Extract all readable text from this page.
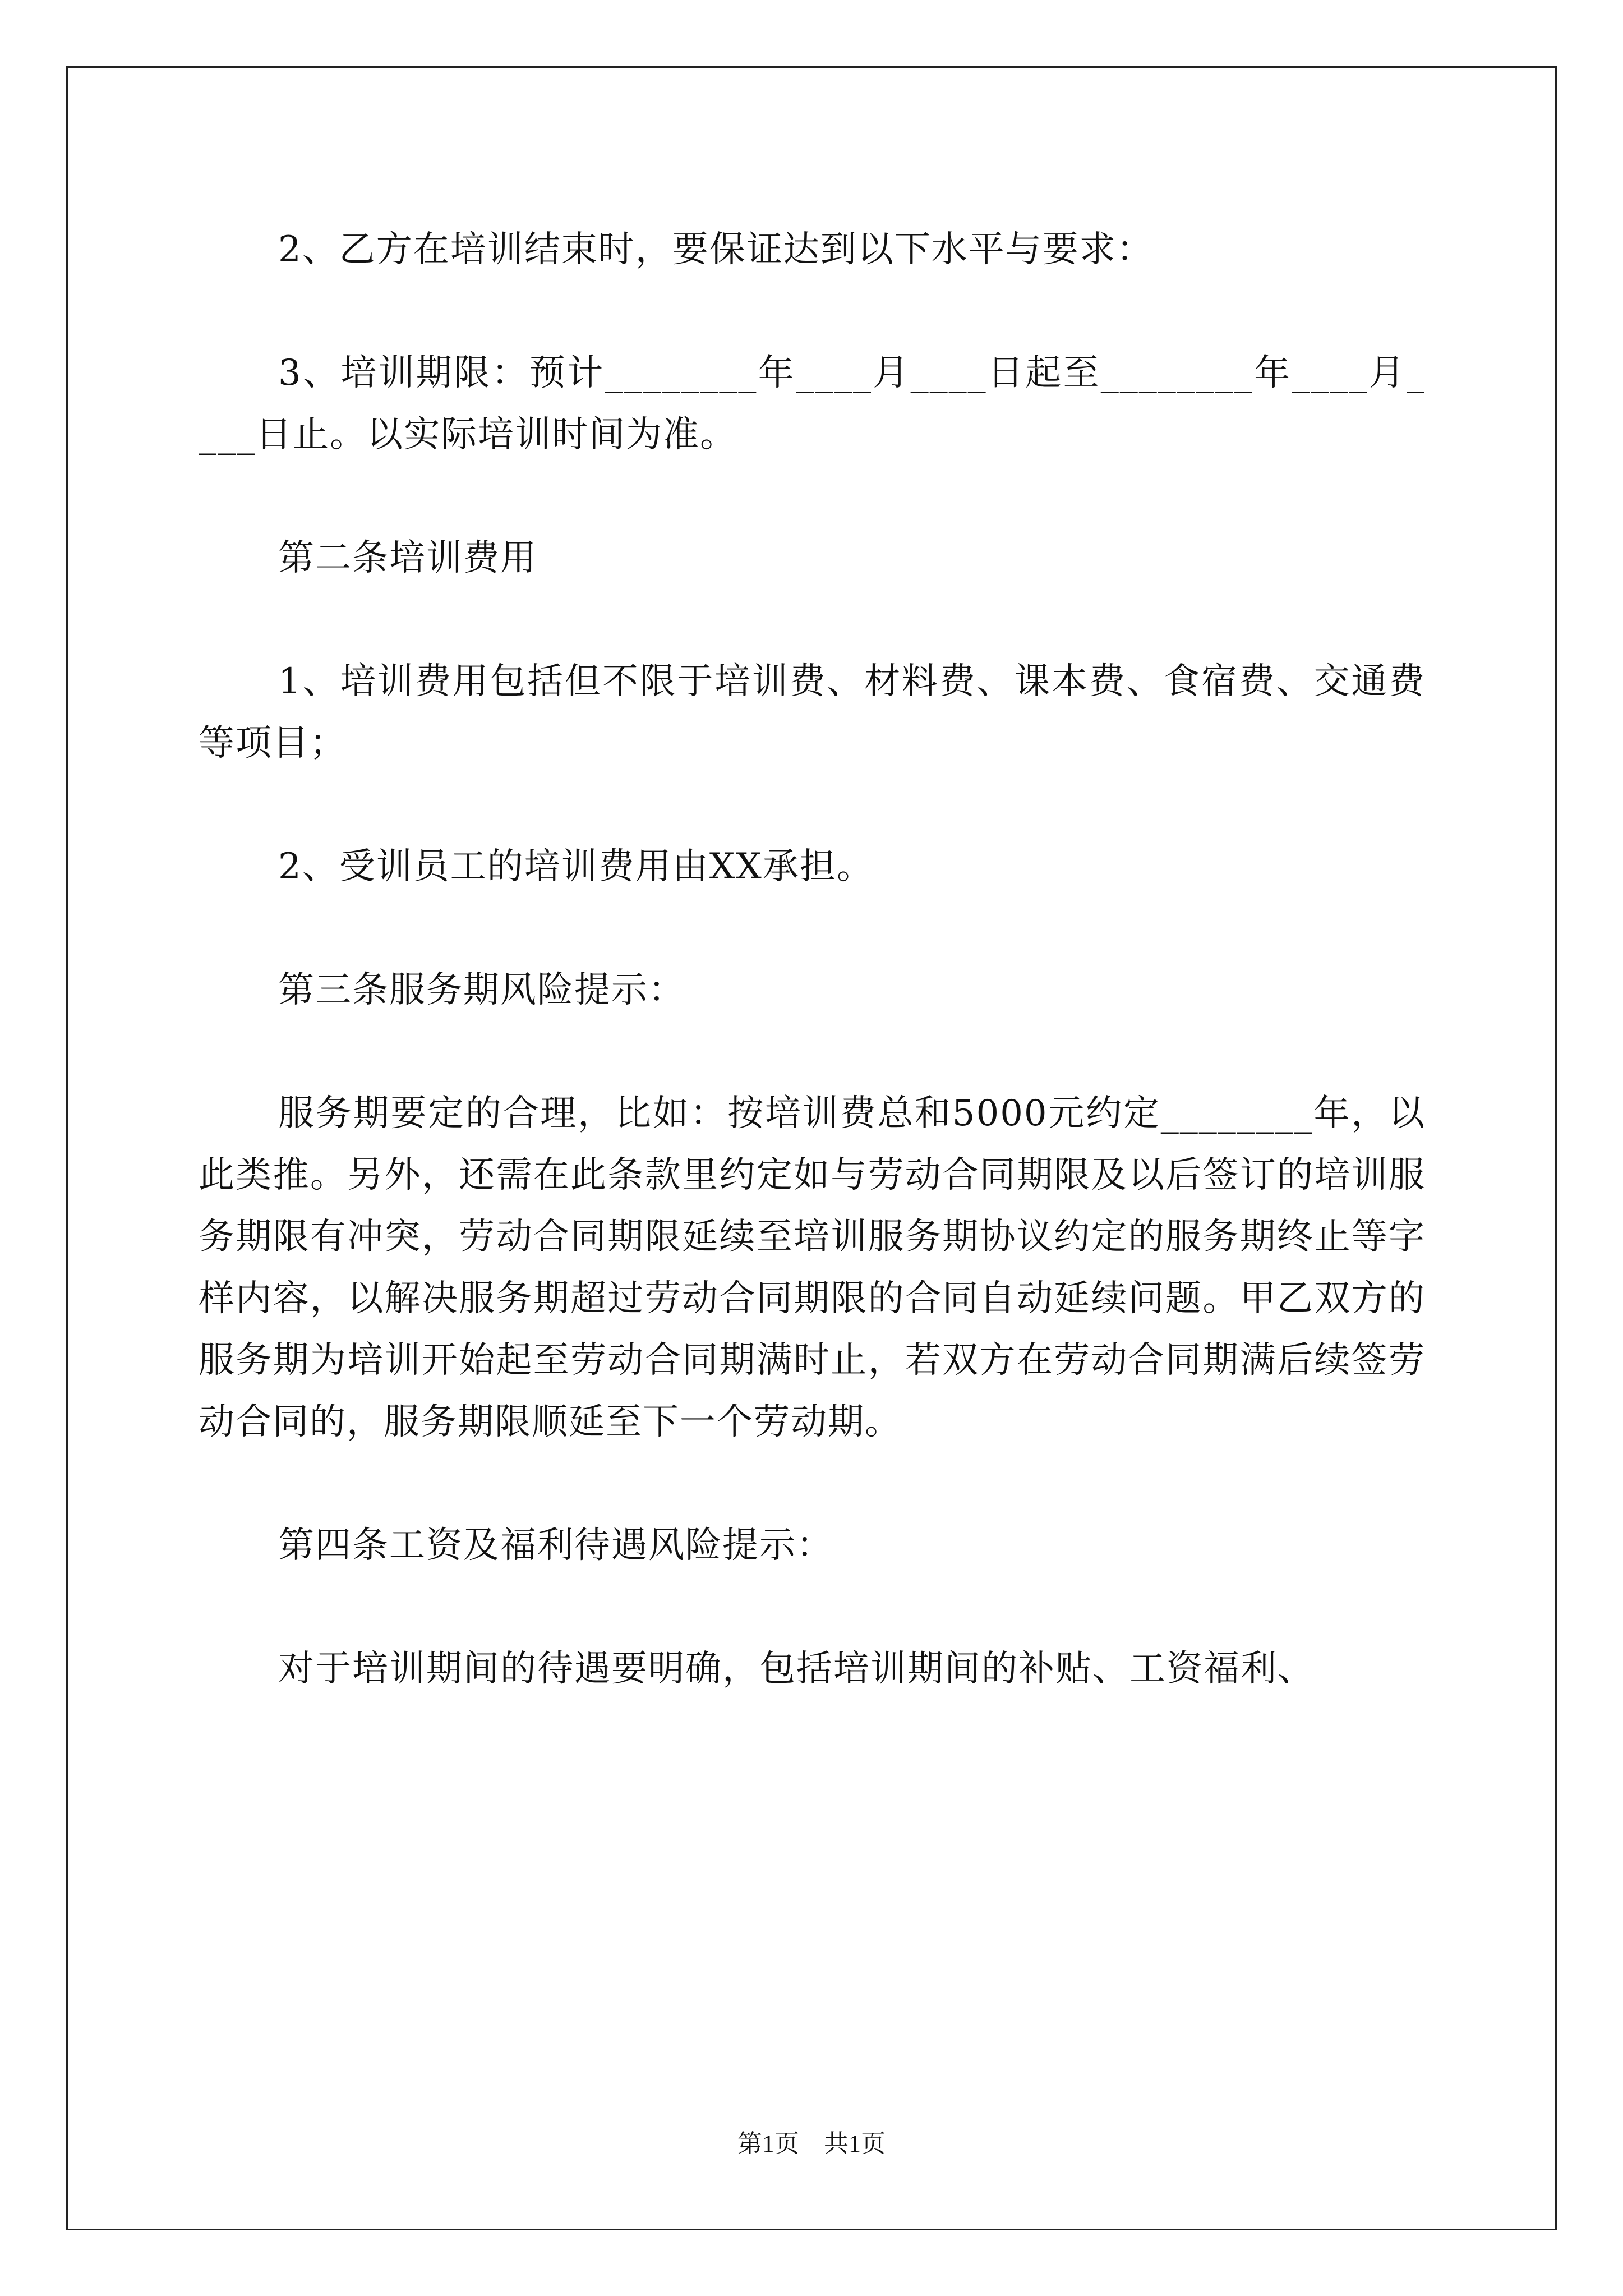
2、乙方在培训结束时，要保证达到以下水平与要求：

3、培训期限：预计________年____月____日起至________年____月____日止。以实际培训时间为准。

第二条培训费用

1、培训费用包括但不限于培训费、材料费、课本费、食宿费、交通费等项目；

2、受训员工的培训费用由XX承担。

第三条服务期风险提示：

服务期要定的合理，比如：按培训费总和5000元约定________年，以此类推。另外，还需在此条款里约定如与劳动合同期限及以后签订的培训服务期限有冲突，劳动合同期限延续至培训服务期协议约定的服务期终止等字样内容，以解决服务期超过劳动合同期限的合同自动延续问题。甲乙双方的服务期为培训开始起至劳动合同期满时止，若双方在劳动合同期满后续签劳动合同的，服务期限顺延至下一个劳动期。

第四条工资及福利待遇风险提示：

对于培训期间的待遇要明确，包括培训期间的补贴、工资福利、

第1页 共1页
